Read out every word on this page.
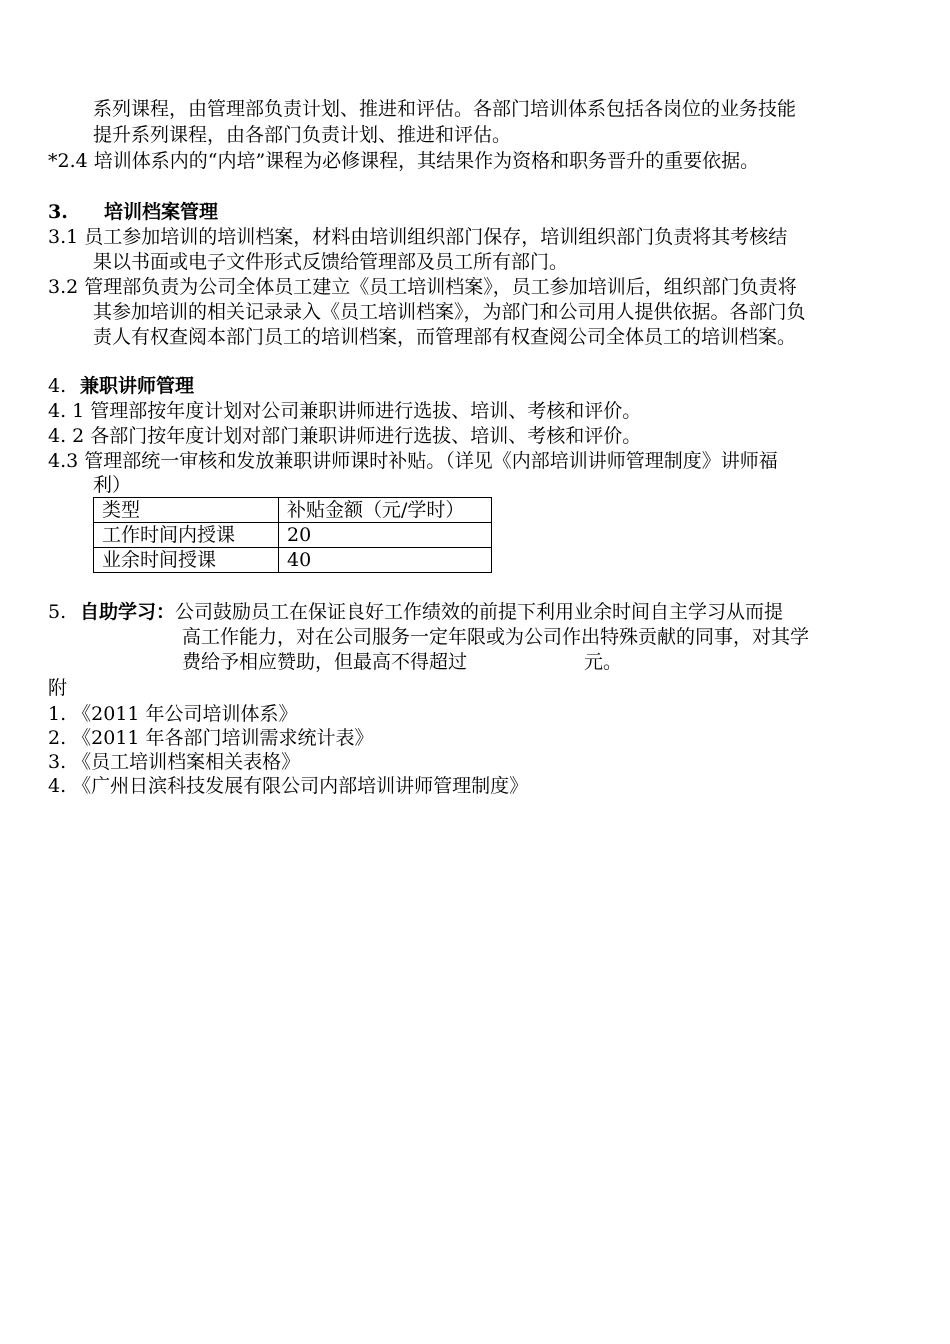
系列课程，由管理部负责计划、推进和评估。各部门培训体系包括各岗位的业务技能
提升系列课程，由各部门负责计划、推进和评估。
*2.4 培训体系内的“内培”课程为必修课程，其结果作为资格和职务晋升的重要依据。
3. 培训档案管理
3.1 员工参加培训的培训档案，材料由培训组织部门保存，培训组织部门负责将其考核结
果以书面或电子文件形式反馈给管理部及员工所有部门。
3.2 管理部负责为公司全体员工建立《员工培训档案》，员工参加培训后，组织部门负责将
其参加培训的相关记录录入《员工培训档案》，为部门和公司用人提供依据。各部门负
责人有权查阅本部门员工的培训档案，而管理部有权查阅公司全体员工的培训档案。
4. 兼职讲师管理
4. 1 管理部按年度计划对公司兼职讲师进行选拔、培训、考核和评价。
4. 2 各部门按年度计划对部门兼职讲师进行选拔、培训、考核和评价。
4.3 管理部统一审核和发放兼职讲师课时补贴。（详见《内部培训讲师管理制度》讲师福
利）
类型	补贴金额（元/学时）
工作时间内授课	20
业余时间授课	40
5. 自助学习： 公司鼓励员工在保证良好工作绩效的前提下利用业余时间自主学习从而提
高工作能力，对在公司服务一定年限或为公司作出特殊贡献的同事，对其学
费给予相应赞助，但最高不得超过	元。
附
1. 《2011 年公司培训体系》
2. 《2011 年各部门培训需求统计表》
3. 《员工培训档案相关表格》
4. 《广州日滨科技发展有限公司内部培训讲师管理制度》
